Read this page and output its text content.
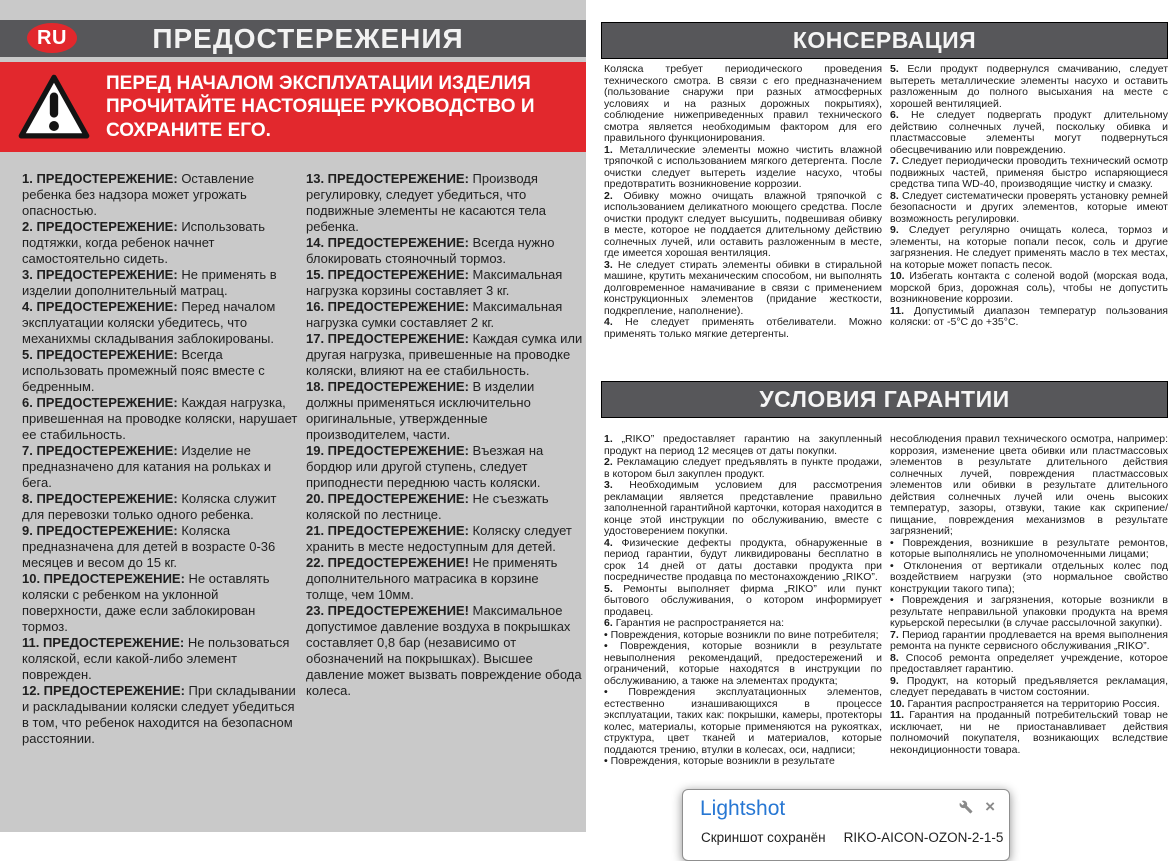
RU	ПРЕДОСТЕРЕЖЕНИЯ
ПЕРЕД НАЧАЛОМ ЭКСПЛУАТАЦИИ ИЗДЕЛИЯ
ПРОЧИТАЙТЕ НАСТОЯЩЕЕ РУКОВОДСТВО И
СОХРАНИТЕ ЕГО.

1. ПРЕДОСТЕРЕЖЕНИЕ: Оставление ребенка без надзора может угрожать опасностью.

2. ПРЕДОСТЕРЕЖЕНИЕ: Использовать подтяжки, когда ребенок начнет самостоятельно сидеть.

3. ПРЕДОСТЕРЕЖЕНИЕ: Не применять в изделии дополнительный матрац.

4. ПРЕДОСТЕРЕЖЕНИЕ: Перед началом эксплуатации коляски убедитесь, что механихмы складывания заблокированы.

5. ПРЕДОСТЕРЕЖЕНИЕ: Всегда использовать промежный пояс вместе с бедренным.

6. ПРЕДОСТЕРЕЖЕНИЕ: Каждая нагрузка, привешенная на проводке коляски, нарушает ее стабильность.

7. ПРЕДОСТЕРЕЖЕНИЕ: Изделие не предназначено для катания на рольках и бега.

8. ПРЕДОСТЕРЕЖЕНИЕ: Коляска служит для перевозки только одного ребенка.

9. ПРЕДОСТЕРЕЖЕНИЕ: Коляска предназначена для детей в возрасте 0-36 месяцев и весом до 15 кг.

10. ПРЕДОСТЕРЕЖЕНИЕ: Не оставлять коляски с ребенком на уклонной поверхности, даже если заблокирован тормоз.

11. ПРЕДОСТЕРЕЖЕНИЕ: Не пользоваться коляской, если какой-либо элемент поврежден.

12. ПРЕДОСТЕРЕЖЕНИЕ: При складывании и раскладывании коляски следует убедиться в том, что ребенок находится на безопасном расстоянии.

13. ПРЕДОСТЕРЕЖЕНИЕ: Производя регулировку, следует убедиться, что подвижные элементы не касаются тела ребенка.

14. ПРЕДОСТЕРЕЖЕНИЕ: Всегда нужно блокировать стояночный тормоз.

15. ПРЕДОСТЕРЕЖЕНИЕ: Максимальная нагрузка корзины составляет 3 кг.

16. ПРЕДОСТЕРЕЖЕНИЕ: Максимальная нагрузка сумки составляет 2 кг.

17. ПРЕДОСТЕРЕЖЕНИЕ: Каждая сумка или другая нагрузка, привешенные на проводке коляски, влияют на ее стабильность.

18. ПРЕДОСТЕРЕЖЕНИЕ: В изделии должны применяться исключительно оригинальные, утвержденные производителем, части.

19. ПРЕДОСТЕРЕЖЕНИЕ: Въезжая на бордюр или другой ступень, следует приподнести переднюю часть коляски.

20. ПРЕДОСТЕРЕЖЕНИЕ: Не съезжать коляской по лестнице.

21. ПРЕДОСТЕРЕЖЕНИЕ: Коляску следует хранить в месте недоступным для детей.

22. ПРЕДОСТЕРЕЖЕНИЕ! Не применять дополнительного матрасика в корзине толще, чем 10мм.

23. ПРЕДОСТЕРЕЖЕНИЕ! Максимальное допустимое давление воздуха в покрышках составляет 0,8 бар (независимо от обозначений на покрышках). Высшее давление может вызвать повреждение обода колеса.

КОНСЕРВАЦИЯ

Коляска требует периодического проведения технического смотра. В связи с его предназначением (пользование снаружи при разных атмосферных условиях и на разных дорожных покрытиях), соблюдение нижеприведенных правил технического смотра является необходимым фактором для его правильного функционирования.

1. Металлические элементы можно чистить влажной тряпочкой с использованием мягкого детергента. После очистки следует вытереть изделие насухо, чтобы предотвратить возникновение коррозии.

2. Обивку можно очищать влажной тряпочкой с использованием деликатного моющего средства. После очистки продукт следует высушить, подвешивая обивку в месте, которое не поддается длительному действию солнечных лучей, или оставить разложенным в месте, где имеется хорошая вентиляция.

3. Не следует стирать элементы обивки в стиральной машине, крутить механическим способом, ни выполнять долговременное намачивание в связи с применением конструкционных элементов (придание жесткости, подкрепление, наполнение).

4. Не следует применять отбеливатели. Можно применять только мягкие детергенты.

5. Если продукт подвернулся смачиванию, следует вытереть металлические элементы насухо и оставить разложенным до полного высыхания на месте с хорошей вентиляцией.

6. Не следует подвергать продукт длительному действию солнечных лучей, поскольку обивка и пластмассовые элементы могут подвернуться обесцвечиванию или повреждению.

7. Следует периодически проводить технический осмотр подвижных частей, применяя быстро испаряющиеся средства типа WD-40, производящие чистку и смазку.

8. Следует систематически проверять установку ремней безопасности и других элементов, которые имеют возможность регулировки.

9. Следует регулярно очищать колеса, тормоз и элементы, на которые попали песок, соль и другие загрязнения. Не следует применять масло в тех местах, на которые может попасть песок.

10. Избегать контакта с соленой водой (морская вода, морской бриз, дорожная соль), чтобы не допустить возникновение коррозии.

11. Допустимый диапазон температур пользования коляски: от -5°C до +35°C.

УСЛОВИЯ ГАРАНТИИ

1. „RIKO” предоставляет гарантию на закупленный продукт на период 12 месяцев от даты покупки.

2. Рекламацию следует предъявлять в пункте продажи, в котором был закуплен продукт.

3. Необходимым условием для рассмотрения рекламации является представление правильно заполненной гарантийной карточки, которая находится в конце этой инструкции по обслуживанию, вместе с удостоверением покупки.

4. Физические дефекты продукта, обнаруженные в период гарантии, будут ликвидированы бесплатно в срок 14 дней от даты доставки продукта при посредничестве продавца по местонахождению „RIKO”.

5. Ремонты выполняет фирма „RIKO” или пункт бытового обслуживания, о котором информирует продавец.

6. Гарантия не распространяется на:

• Повреждения, которые возникли по вине потребителя;

• Повреждения, которые возникли в результате невыполнения рекомендаций, предостережений и ограничений, которые находятся в инструкции по обслуживанию, а также на элементах продукта;

• Повреждения эксплуатационных элементов, естественно изнашивающихся в процессе эксплуатации, таких как: покрышки, камеры, протекторы колес, материалы, которые применяются на рукоятках, структура, цвет тканей и материалов, которые поддаются трению, втулки в колесах, оси, надписи;

• Повреждения, которые возникли в результате

несоблюдения правил технического осмотра, например: коррозия, изменение цвета обивки или пластмассовых элементов в результате длительного действия солнечных лучей, повреждения пластмассовых элементов или обивки в результате длительного действия солнечных лучей или очень высоких температур, зазоры, отзвуки, такие как скрипение/ пищание, повреждения механизмов в результате загрязнений;

• Повреждения, возникшие в результате ремонтов, которые выполнялись не уполномоченными лицами;

• Отклонения от вертикали отдельных колес под воздействием нагрузки (это нормальное свойство конструкции такого типа);

• Повреждения и загрязнения, которые возникли в результате неправильной упаковки продукта на время курьерской пересылки (в случае рассылочной закупки).

7. Период гарантии продлевается на время выполнения ремонта на пункте сервисного обслуживания „RIKO”.

8. Способ ремонта определяет учреждение, которое предоставляет гарантию.

9. Продукт, на который предъявляется рекламация, следует передавать в чистом состоянии.

10. Гарантия распространяется на территорию Россия.

11. Гарантия на проданный потребительский товар не исключает, ни не приостанавливает действия полномочий покупателя, возникающих вследствие некондиционности товара.

Lightshot	×
Скриншот сохранён RIKO-AICON-OZON-2-1-5
